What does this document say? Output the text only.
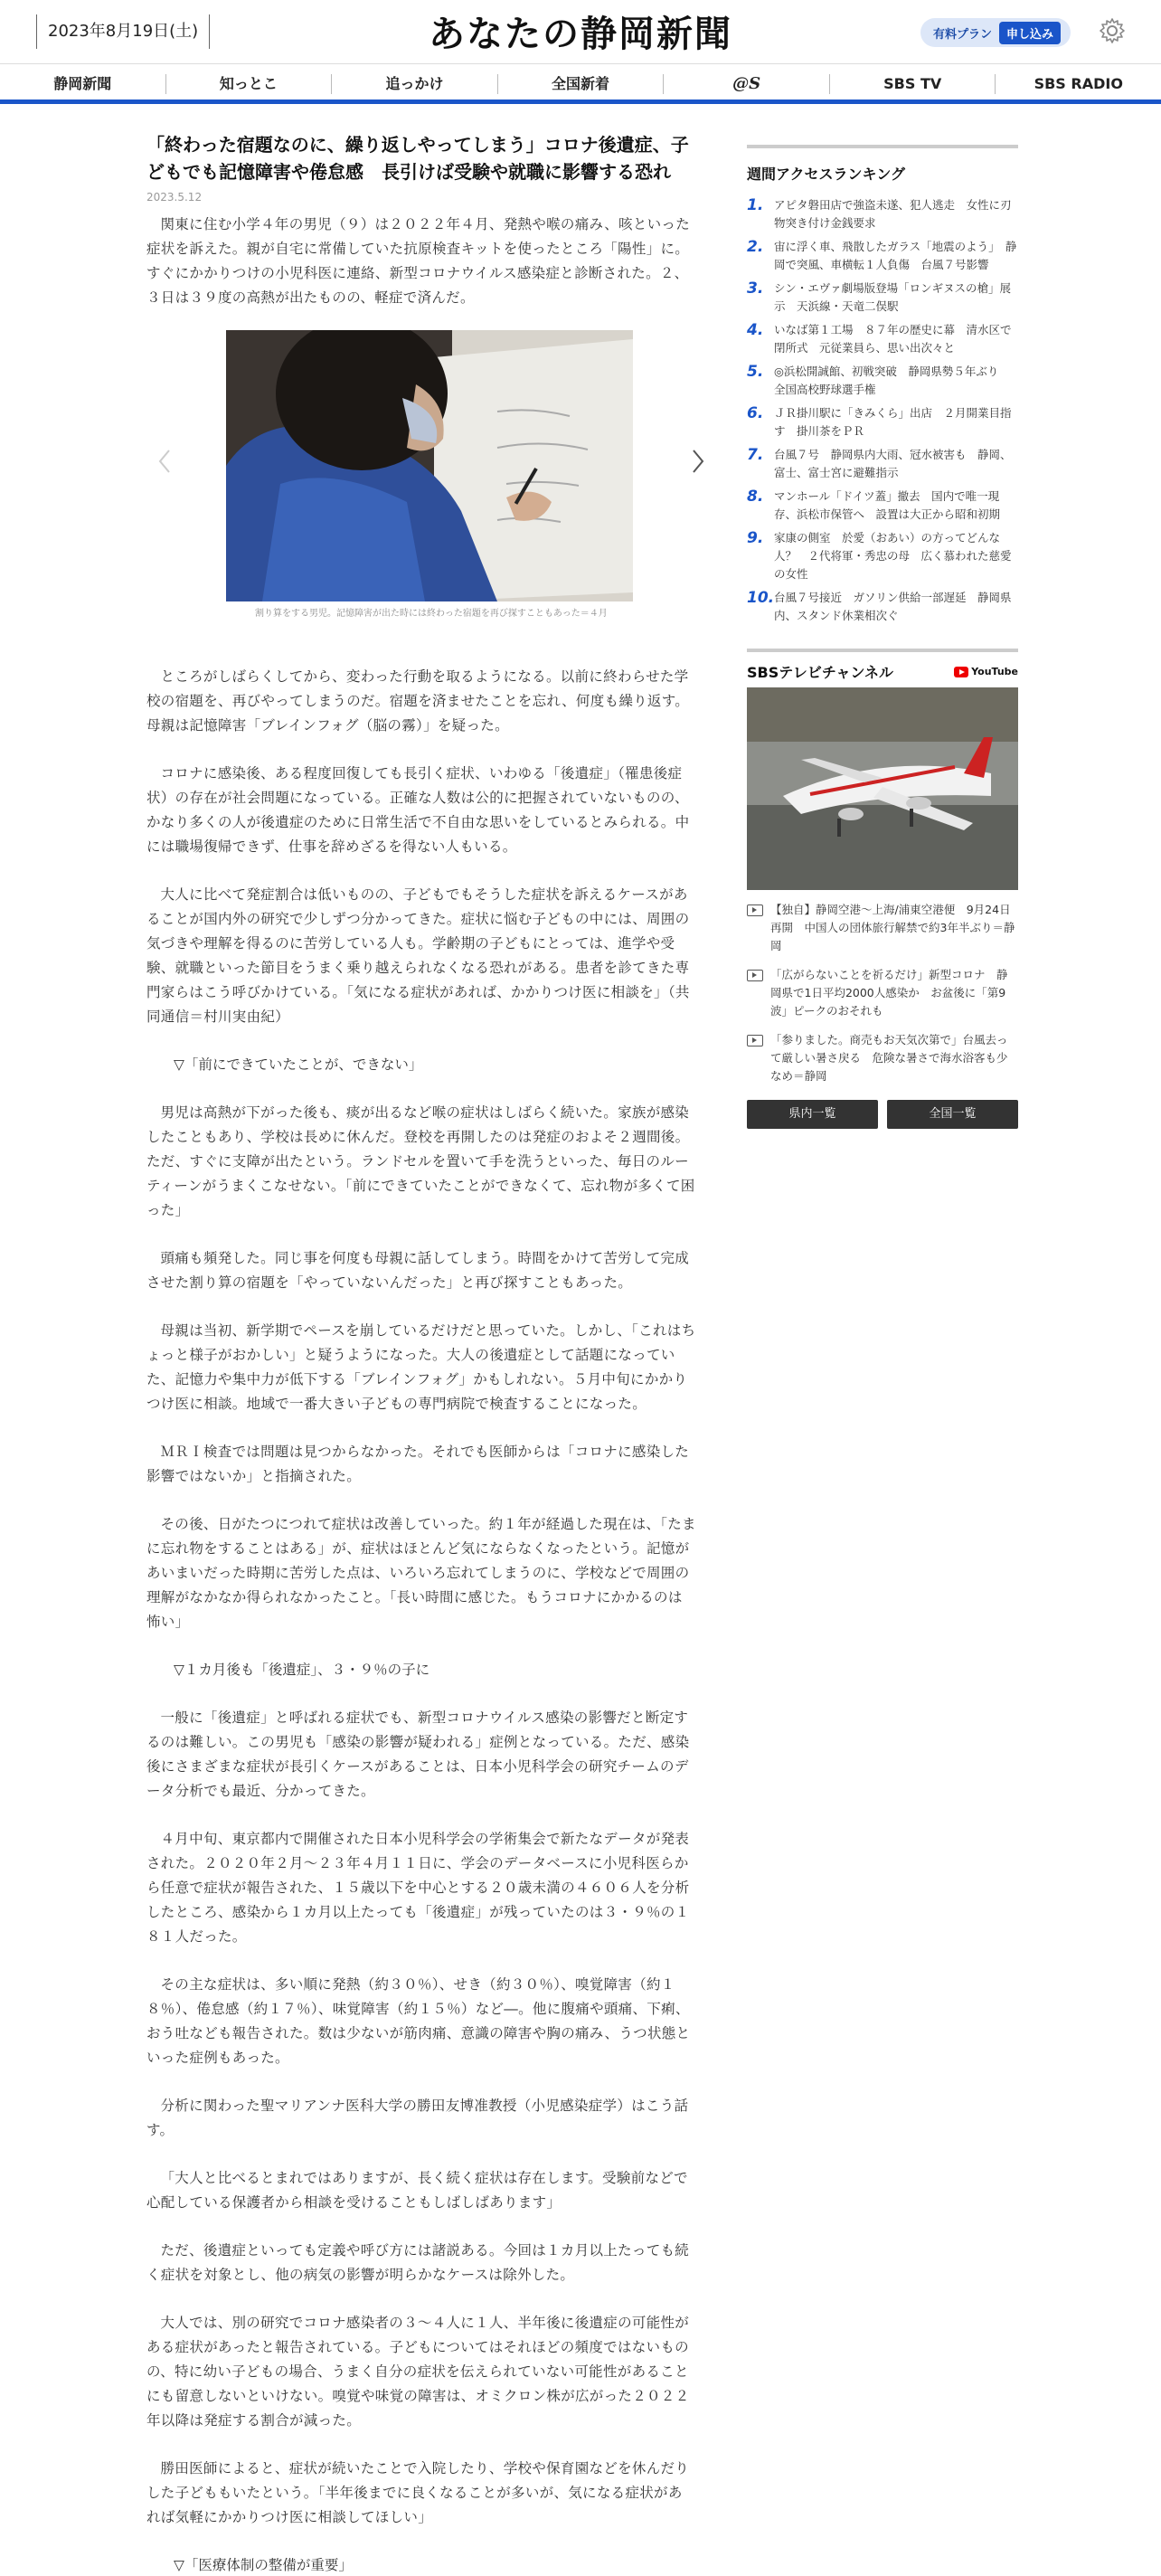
2023年8月19日(土)	あなたの静岡新聞	有料プラン	申し込み
静岡新聞	知っとこ	追っかけ	全国新着	@S	SBS TV	SBS RADIO
「終わった宿題なのに、繰り返しやってしまう」コロナ後遺症、子どもでも記憶障害や倦怠感　長引けば受験や就職に影響する恐れ
2023.5.12

関東に住む小学４年の男児（９）は２０２２年４月、発熱や喉の痛み、咳といった症状を訴えた。親が自宅に常備していた抗原検査キットを使ったところ「陽性」に。すぐにかかりつけの小児科医に連絡、新型コロナウイルス感染症と診断された。２、３日は３９度の高熱が出たものの、軽症で済んだ。

割り算をする男児。記憶障害が出た時には終わった宿題を再び探すこともあった＝４月

ところがしばらくしてから、変わった行動を取るようになる。以前に終わらせた学校の宿題を、再びやってしまうのだ。宿題を済ませたことを忘れ、何度も繰り返す。母親は記憶障害「ブレインフォグ（脳の霧）」を疑った。

コロナに感染後、ある程度回復しても長引く症状、いわゆる「後遺症」（罹患後症状）の存在が社会問題になっている。正確な人数は公的に把握されていないものの、かなり多くの人が後遺症のために日常生活で不自由な思いをしているとみられる。中には職場復帰できず、仕事を辞めざるを得ない人もいる。

大人に比べて発症割合は低いものの、子どもでもそうした症状を訴えるケースがあることが国内外の研究で少しずつ分かってきた。症状に悩む子どもの中には、周囲の気づきや理解を得るのに苦労している人も。学齢期の子どもにとっては、進学や受験、就職といった節目をうまく乗り越えられなくなる恐れがある。患者を診てきた専門家らはこう呼びかけている。「気になる症状があれば、かかりつけ医に相談を」（共同通信＝村川実由紀）

▽「前にできていたことが、できない」

男児は高熱が下がった後も、痰が出るなど喉の症状はしばらく続いた。家族が感染したこともあり、学校は長めに休んだ。登校を再開したのは発症のおよそ２週間後。ただ、すぐに支障が出たという。ランドセルを置いて手を洗うといった、毎日のルーティーンがうまくこなせない。「前にできていたことができなくて、忘れ物が多くて困った」

頭痛も頻発した。同じ事を何度も母親に話してしまう。時間をかけて苦労して完成させた割り算の宿題を「やっていないんだった」と再び探すこともあった。

母親は当初、新学期でペースを崩しているだけだと思っていた。しかし、「これはちょっと様子がおかしい」と疑うようになった。大人の後遺症として話題になっていた、記憶力や集中力が低下する「ブレインフォグ」かもしれない。５月中旬にかかりつけ医に相談。地域で一番大きい子どもの専門病院で検査することになった。

ＭＲＩ検査では問題は見つからなかった。それでも医師からは「コロナに感染した影響ではないか」と指摘された。

その後、日がたつにつれて症状は改善していった。約１年が経過した現在は、「たまに忘れ物をすることはある」が、症状はほとんど気にならなくなったという。記憶があいまいだった時期に苦労した点は、いろいろ忘れてしまうのに、学校などで周囲の理解がなかなか得られなかったこと。「長い時間に感じた。もうコロナにかかるのは怖い」

▽１カ月後も「後遺症」、３・９％の子に

一般に「後遺症」と呼ばれる症状でも、新型コロナウイルス感染の影響だと断定するのは難しい。この男児も「感染の影響が疑われる」症例となっている。ただ、感染後にさまざまな症状が長引くケースがあることは、日本小児科学会の研究チームのデータ分析でも最近、分かってきた。

４月中旬、東京都内で開催された日本小児科学会の学術集会で新たなデータが発表された。２０２０年２月～２３年４月１１日に、学会のデータベースに小児科医らから任意で症状が報告された、１５歳以下を中心とする２０歳未満の４６０６人を分析したところ、感染から１カ月以上たっても「後遺症」が残っていたのは３・９％の１８１人だった。

その主な症状は、多い順に発熱（約３０％）、せき（約３０％）、嗅覚障害（約１８％）、倦怠感（約１７％）、味覚障害（約１５％）など―。他に腹痛や頭痛、下痢、おう吐なども報告された。数は少ないが筋肉痛、意識の障害や胸の痛み、うつ状態といった症例もあった。

分析に関わった聖マリアンナ医科大学の勝田友博准教授（小児感染症学）はこう話す。

「大人と比べるとまれではありますが、長く続く症状は存在します。受験前などで心配している保護者から相談を受けることもしばしばあります」

ただ、後遺症といっても定義や呼び方には諸説ある。今回は１カ月以上たっても続く症状を対象とし、他の病気の影響が明らかなケースは除外した。

大人では、別の研究でコロナ感染者の３～４人に１人、半年後に後遺症の可能性がある症状があったと報告されている。子どもについてはそれほどの頻度ではないものの、特に幼い子どもの場合、うまく自分の症状を伝えられていない可能性があることにも留意しないといけない。嗅覚や味覚の障害は、オミクロン株が広がった２０２２年以降は発症する割合が減った。

勝田医師によると、症状が続いたことで入院したり、学校や保育園などを休んだりした子どももいたという。「半年後までに良くなることが多いが、気になる症状があれば気軽にかかりつけ医に相談してほしい」

▽「医療体制の整備が重要」

週間アクセスランキング
1. アピタ磐田店で強盗未遂、犯人逃走　女性に刃物突き付け金銭要求
2. 宙に浮く車、飛散したガラス「地震のよう」　静岡で突風、車横転１人負傷　台風７号影響
3. シン・エヴァ劇場版登場「ロンギヌスの槍」展示　天浜線・天竜二俣駅
4. いなば第１工場　８７年の歴史に幕　清水区で閉所式　元従業員ら、思い出次々と
5. ◎浜松開誠館、初戦突破　静岡県勢５年ぶり　全国高校野球選手権
6. ＪＲ掛川駅に「きみくら」出店　２月開業目指す　掛川茶をＰＲ
7. 台風７号　静岡県内大雨、冠水被害も　静岡、富士、富士宮に避難指示
8. マンホール「ドイツ蓋」撤去　国内で唯一現存、浜松市保管へ　設置は大正から昭和初期
9. 家康の側室　於愛（おあい）の方ってどんな人？　２代将軍・秀忠の母　広く慕われた慈愛の女性
10. 台風７号接近　ガソリン供給一部遅延　静岡県内、スタンド休業相次ぐ
SBSテレビチャンネル	YouTube
【独自】静岡空港～上海/浦東空港便　9月24日再開　中国人の団体旅行解禁で約3年半ぶり＝静岡
「広がらないことを祈るだけ」新型コロナ　静岡県で1日平均2000人感染か　お盆後に「第9波」ピークのおそれも
「参りました。商売もお天気次第で」台風去って厳しい暑さ戻る　危険な暑さで海水浴客も少なめ＝静岡
県内一覧	全国一覧
